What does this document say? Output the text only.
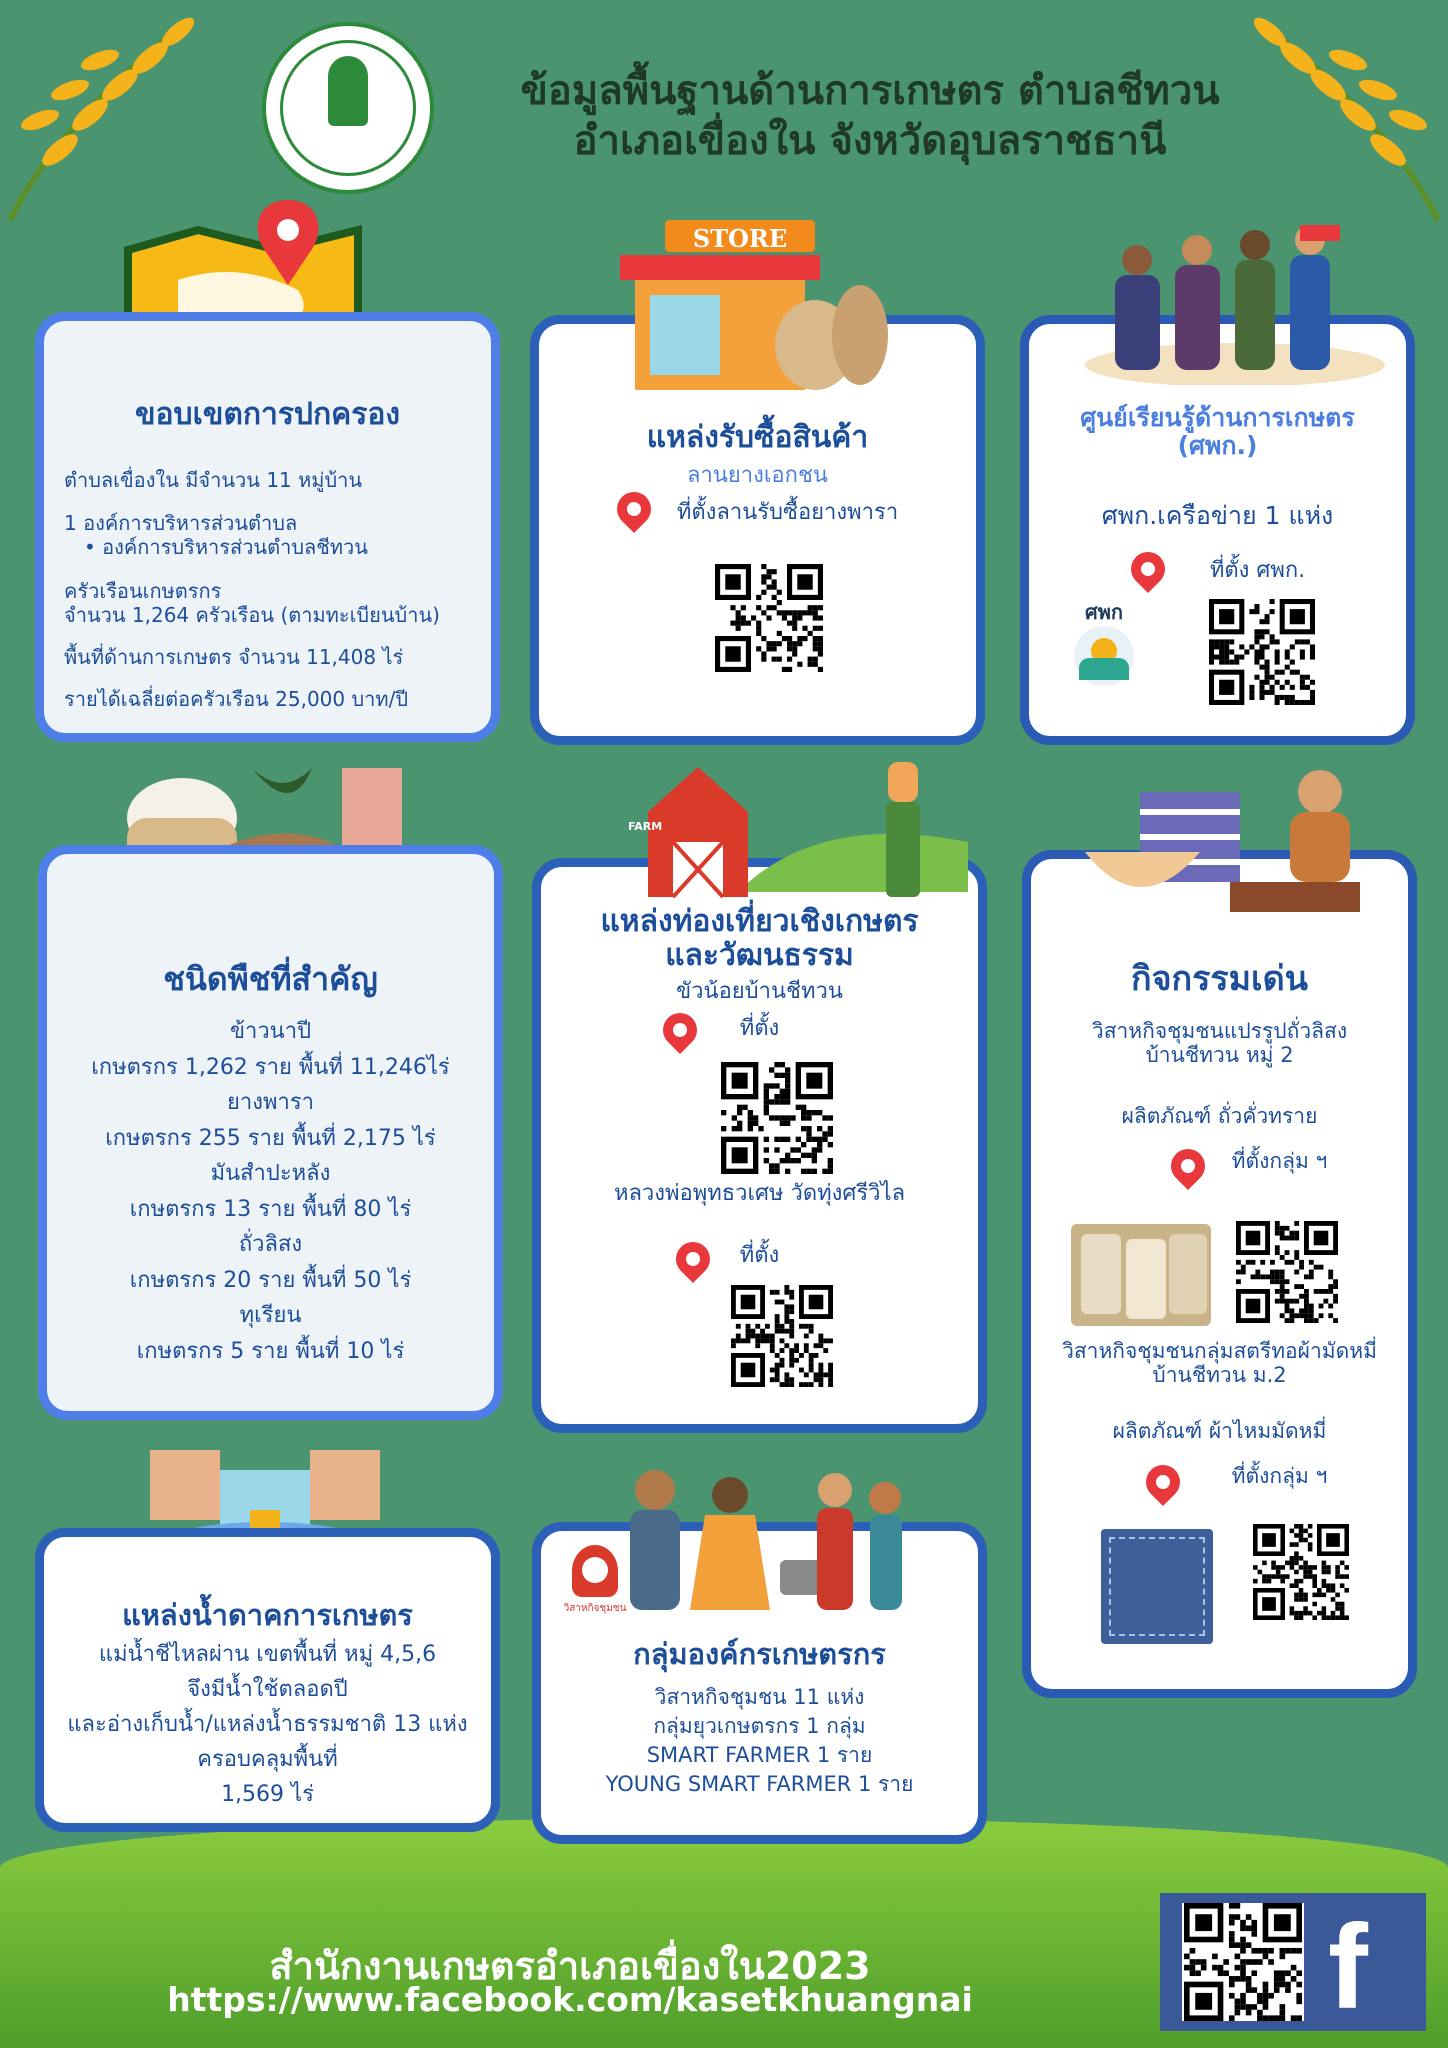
ข้อมูลพื้นฐานด้านการเกษตร ตำบลชีทวน
อำเภอเขื่องใน จังหวัดอุบลราชธานี
ขอบเขตการปกครอง
ตำบลเขื่องใน มีจำนวน 11 หมู่บ้าน
1 องค์การบริหารส่วนตำบล
• องค์การบริหารส่วนตำบลชีทวน
ครัวเรือนเกษตรกร
จำนวน 1,264 ครัวเรือน (ตามทะเบียนบ้าน)
พื้นที่ด้านการเกษตร จำนวน 11,408 ไร่
รายได้เฉลี่ยต่อครัวเรือน 25,000 บาท/ปี
แหล่งรับซื้อสินค้า
ลานยางเอกชน
ที่ตั้งลานรับซื้อยางพารา
STORE
ศูนย์เรียนรู้ด้านการเกษตร
(ศพก.)
ศพก.เครือข่าย 1 แห่ง
ที่ตั้ง ศพก.
ศพก
ชนิดพืชที่สำคัญ
ข้าวนาปี
เกษตรกร 1,262 ราย พื้นที่ 11,246ไร่
ยางพารา
เกษตรกร 255 ราย พื้นที่ 2,175 ไร่
มันสำปะหลัง
เกษตรกร 13 ราย พื้นที่ 80 ไร่
ถั่วลิสง
เกษตรกร 20 ราย พื้นที่ 50 ไร่
ทุเรียน
เกษตรกร 5 ราย พื้นที่ 10 ไร่
แหล่งท่องเที่ยวเชิงเกษตร
และวัฒนธรรม
ขัวน้อยบ้านชีทวน
ที่ตั้ง
หลวงพ่อพุทธวเศษ วัดทุ่งศรีวิไล
ที่ตั้ง
FARM
กิจกรรมเด่น
วิสาหกิจชุมชนแปรรูปถั่วลิสง
บ้านชีทวน หมู่ 2
ผลิตภัณฑ์ ถั่วคั่วทราย
ที่ตั้งกลุ่ม ฯ
วิสาหกิจชุมชนกลุ่มสตรีทอผ้ามัดหมี่
บ้านชีทวน ม.2
ผลิตภัณฑ์ ผ้าไหมมัดหมี่
ที่ตั้งกลุ่ม ฯ
แหล่งน้ำดาคการเกษตร
แม่น้ำชีไหลผ่าน เขตพื้นที่ หมู่ 4,5,6
จึงมีน้ำใช้ตลอดปี
และอ่างเก็บน้ำ/แหล่งน้ำธรรมชาติ 13 แห่ง
ครอบคลุมพื้นที่
1,569 ไร่
กลุ่มองค์กรเกษตรกร
วิสาหกิจชุมชน 11 แห่ง
กลุ่มยุวเกษตรกร 1 กลุ่ม
SMART FARMER 1 ราย
YOUNG SMART FARMER 1 ราย
วิสาหกิจชุมชน
สำนักงานเกษตรอำเภอเขื่องใน2023
https://www.facebook.com/kasetkhuangnai	f
